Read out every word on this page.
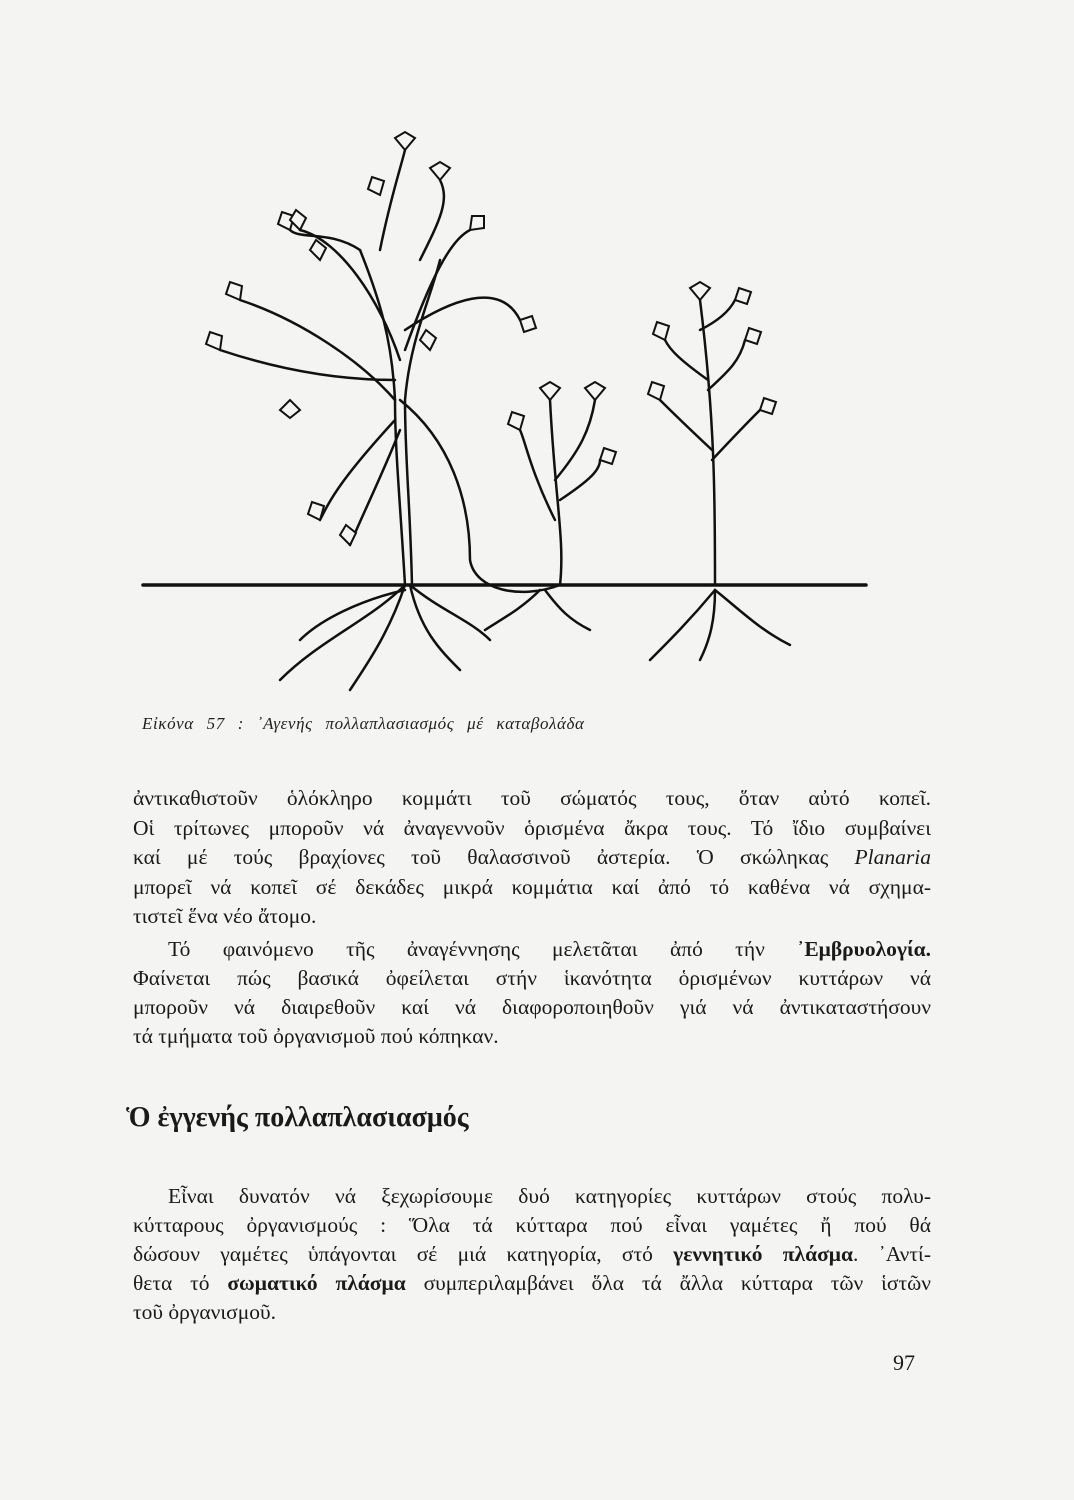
Εἰκόνα 57 : ᾿Αγενής πολλαπλασιασμός μέ καταβολάδα
ἀντικαθιστοῦν ὁλόκληρο κομμάτι τοῦ σώματός τους, ὅταν αὐτό κοπεῖ.
Οἱ τρίτωνες μποροῦν νά ἀναγεννοῦν ὁρισμένα ἄκρα τους. Τό ἴδιο συμβαίνει
καί μέ τούς βραχίονες τοῦ θαλασσινοῦ ἀστερία. Ὁ σκώληκας Planaria
μπορεῖ νά κοπεῖ σέ δεκάδες μικρά κομμάτια καί ἀπό τό καθένα νά σχημα-
τιστεῖ ἕνα νέο ἄτομο.
Τό φαινόμενο τῆς ἀναγέννησης μελετᾶται ἀπό τήν ᾿Εμβρυολογία.
Φαίνεται πώς βασικά ὀφείλεται στήν ἱκανότητα ὁρισμένων κυττάρων νά
μποροῦν νά διαιρεθοῦν καί νά διαφοροποιηθοῦν γιά νά ἀντικαταστήσουν
τά τμήματα τοῦ ὀργανισμοῦ πού κόπηκαν.
Εἶναι δυνατόν νά ξεχωρίσουμε δυό κατηγορίες κυττάρων στούς πολυ-
κύτταρους ὀργανισμούς : Ὅλα τά κύτταρα πού εἶναι γαμέτες ἤ πού θά
δώσουν γαμέτες ὑπάγονται σέ μιά κατηγορία, στό γεννητικό πλάσμα. ᾿Αντί-
θετα τό σωματικό πλάσμα συμπεριλαμβάνει ὅλα τά ἄλλα κύτταρα τῶν ἱστῶν
τοῦ ὀργανισμοῦ.
Ὁ ἐγγενής πολλαπλασιασμός
97
